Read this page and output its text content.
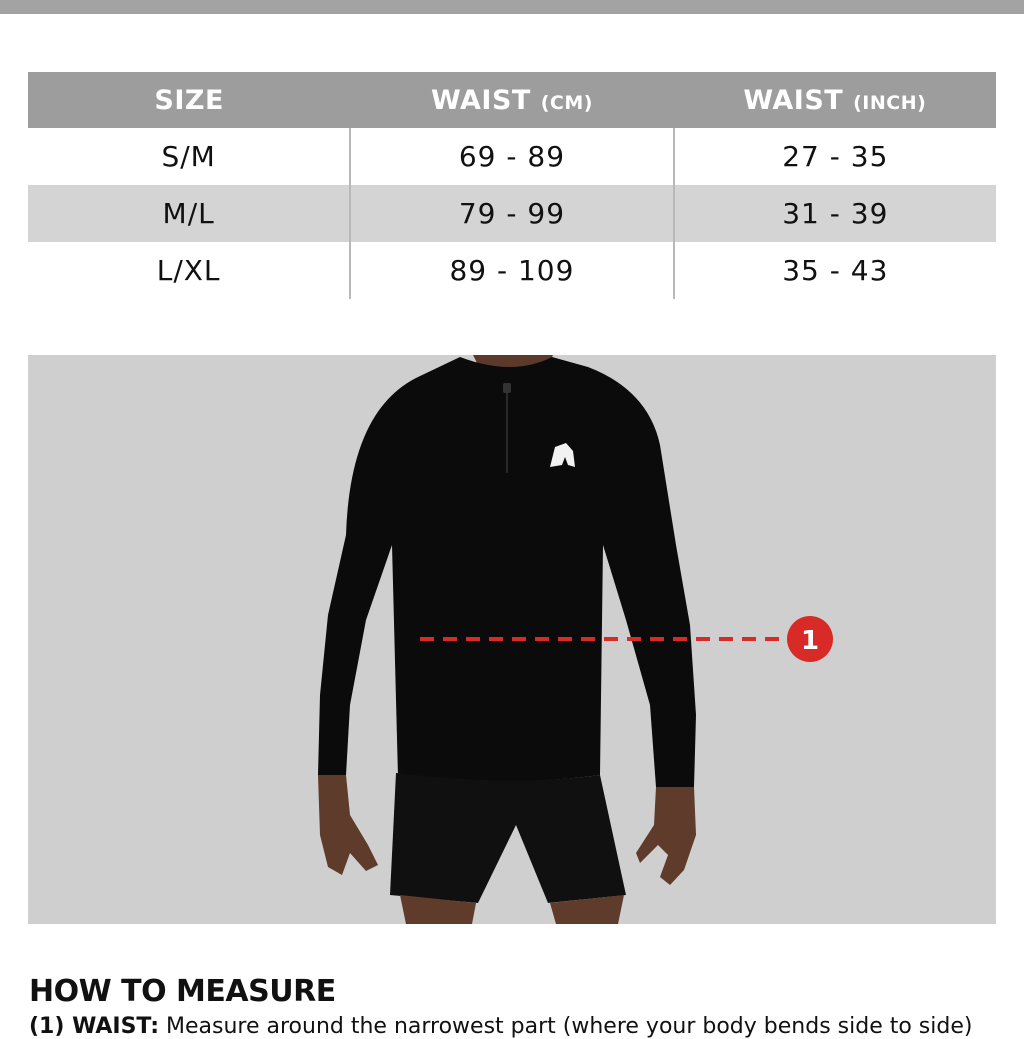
SIZE	WAIST (CM)	WAIST (INCH)
S/M	69 - 89	27 - 35
M/L	79 - 99	31 - 39
L/XL	89 - 109	35 - 43
1
HOW TO MEASURE
(1) WAIST: Measure around the narrowest part (where your body bends side to side)
